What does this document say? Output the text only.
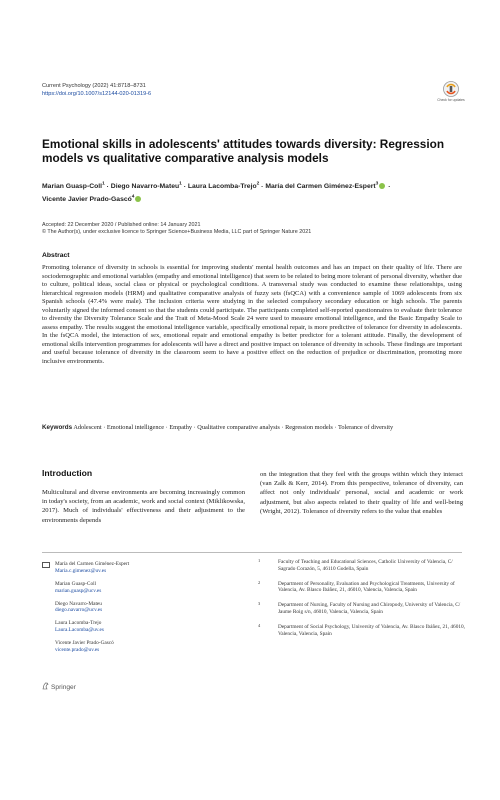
Current Psychology (2022) 41:8718–8731
https://doi.org/10.1007/s12144-020-01319-6
Check for updates
Emotional skills in adolescents' attitudes towards diversity: Regression models vs qualitative comparative analysis models
Marian Guasp-Coll$^1$ · Diego Navarro-Mateu$^1$ · Laura Lacomba-Trejo$^2$ · María del Carmen Giménez-Espert$^3$ ·
Vicente Javier Prado-Gascó$^4$
Accepted: 22 December 2020 / Published online: 14 January 2021
© The Author(s), under exclusive licence to Springer Science+Business Media, LLC part of Springer Nature 2021
Abstract
Promoting tolerance of diversity in schools is essential for improving students' mental health outcomes and has an impact on their quality of life. There are sociodemographic and emotional variables (empathy and emotional intelligence) that seem to be related to being more tolerant of personal diversity, whether due to culture, political ideas, social class or physical or psychological conditions. A transversal study was conducted to examine these relationships, using hierarchical regression models (HRM) and qualitative comparative analysis of fuzzy sets (fsQCA) with a convenience sample of 1069 adolescents from six Spanish schools (47.4% were male). The inclusion criteria were studying in the selected compulsory secondary education or high schools. The parents voluntarily signed the informed consent so that the students could participate. The participants completed self-reported questionnaires to evaluate their tolerance to diversity the Diversity Tolerance Scale and the Trait of Meta-Mood Scale 24 were used to measure emotional intelligence, and the Basic Empathy Scale to assess empathy. The results suggest the emotional intelligence variable, specifically emotional repair, is more predictive of tolerance for diversity in adolescents. In the fsQCA model, the interaction of sex, emotional repair and emotional empathy is better predictor for a tolerant attitude. Finally, the development of emotional skills intervention programmes for adolescents will have a direct and positive impact on tolerance of diversity in schools. These findings are important and useful because tolerance of diversity in the classroom seem to have a positive effect on the reduction of prejudice or discrimination, promoting more inclusive environments.
Keywords Adolescent · Emotional intelligence · Empathy · Qualitative comparative analysis · Regression models · Tolerance of diversity
Introduction
Multicultural and diverse environments are becoming increasingly common in today's society, from an academic, work and social context (Miklikowska, 2017). Much of individuals' effectiveness and their adjustment to the environments depends
on the integration that they feel with the groups within which they interact (van Zalk & Kerr, 2014). From this perspective, tolerance of diversity, can affect not only individuals' personal, social and academic or work adjustment, but also aspects related to their quality of life and well-being (Wright, 2012). Tolerance of diversity refers to the value that enables
María del Carmen Giménez-Espert
Maria.c.gimenez@uv.es
Marian Guasp-Coll
marian.guasp@ucv.es
Diego Navarro-Mateu
diego.navarro@ucv.es
Laura Lacomba-Trejo
Laura.Lacomba@uv.es
Vicente Javier Prado-Gascó
vicente.prado@uv.es
1	Faculty of Teaching and Educational Sciences, Catholic University of Valencia, C/ Sagrado Corazón, 5, 46110 Godella, Spain
2	Department of Personality, Evaluation and Psychological Treatments, University of Valencia, Av. Blasco Ibáñez, 21, 46010, Valencia, Valencia, Spain
3	Department of Nursing, Faculty of Nursing and Chiropody, University of Valencia, C/ Jaume Roig s/n, 46010, Valencia, Valencia, Spain
4	Department of Social Psychology, University of Valencia, Av. Blasco Ibáñez, 21, 46010, Valencia, Valencia, Spain
Springer
